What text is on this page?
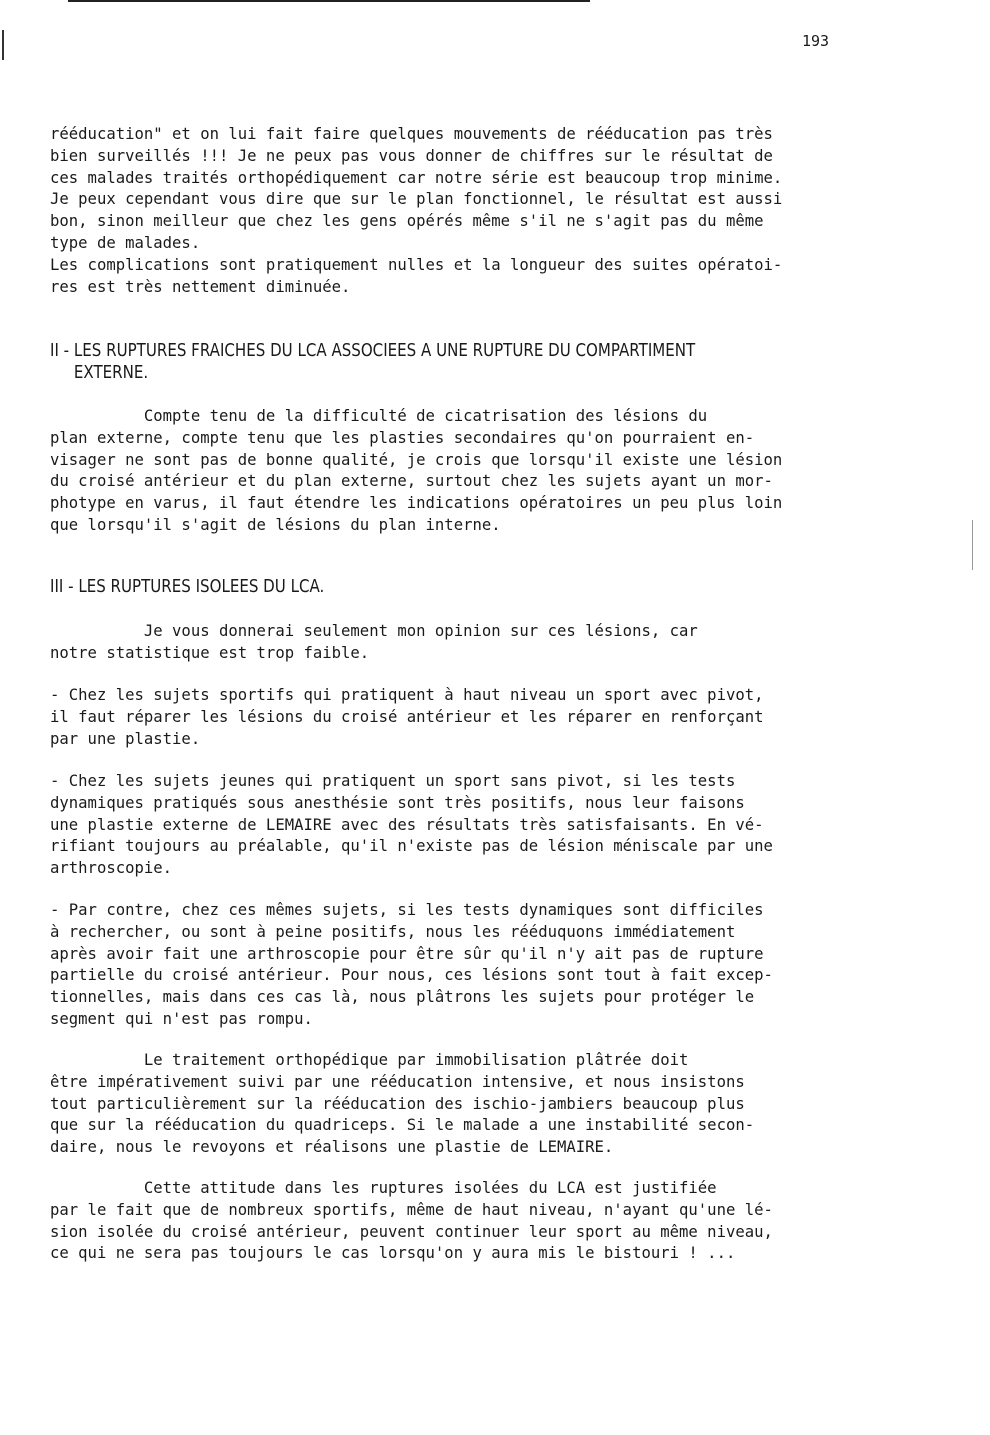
193
rééducation" et on lui fait faire quelques mouvements de rééducation pas très
bien surveillés !!! Je ne peux pas vous donner de chiffres sur le résultat de
ces malades traités orthopédiquement car notre série est beaucoup trop minime.
Je peux cependant vous dire que sur le plan fonctionnel, le résultat est aussi
bon, sinon meilleur que chez les gens opérés même s'il ne s'agit pas du même
type de malades.
Les complications sont pratiquement nulles et la longueur des suites opératoi-
res est très nettement diminuée.
II - LES RUPTURES FRAICHES DU LCA ASSOCIEES A UNE RUPTURE DU COMPARTIMENT
EXTERNE.
Compte tenu de la difficulté de cicatrisation des lésions du
plan externe, compte tenu que les plasties secondaires qu'on pourraient en-
visager ne sont pas de bonne qualité, je crois que lorsqu'il existe une lésion
du croisé antérieur et du plan externe, surtout chez les sujets ayant un mor-
photype en varus, il faut étendre les indications opératoires un peu plus loin
que lorsqu'il s'agit de lésions du plan interne.
III - LES RUPTURES ISOLEES DU LCA.
Je vous donnerai seulement mon opinion sur ces lésions, car
notre statistique est trop faible.
- Chez les sujets sportifs qui pratiquent à haut niveau un sport avec pivot,
il faut réparer les lésions du croisé antérieur et les réparer en renforçant
par une plastie.
- Chez les sujets jeunes qui pratiquent un sport sans pivot, si les tests
dynamiques pratiqués sous anesthésie sont très positifs, nous leur faisons
une plastie externe de LEMAIRE avec des résultats très satisfaisants. En vé-
rifiant toujours au préalable, qu'il n'existe pas de lésion méniscale par une
arthroscopie.
- Par contre, chez ces mêmes sujets, si les tests dynamiques sont difficiles
à rechercher, ou sont à peine positifs, nous les rééduquons immédiatement
après avoir fait une arthroscopie pour être sûr qu'il n'y ait pas de rupture
partielle du croisé antérieur. Pour nous, ces lésions sont tout à fait excep-
tionnelles, mais dans ces cas là, nous plâtrons les sujets pour protéger le
segment qui n'est pas rompu.
Le traitement orthopédique par immobilisation plâtrée doit
être impérativement suivi par une rééducation intensive, et nous insistons
tout particulièrement sur la rééducation des ischio-jambiers beaucoup plus
que sur la rééducation du quadriceps. Si le malade a une instabilité secon-
daire, nous le revoyons et réalisons une plastie de LEMAIRE.
Cette attitude dans les ruptures isolées du LCA est justifiée
par le fait que de nombreux sportifs, même de haut niveau, n'ayant qu'une lé-
sion isolée du croisé antérieur, peuvent continuer leur sport au même niveau,
ce qui ne sera pas toujours le cas lorsqu'on y aura mis le bistouri ! ...
